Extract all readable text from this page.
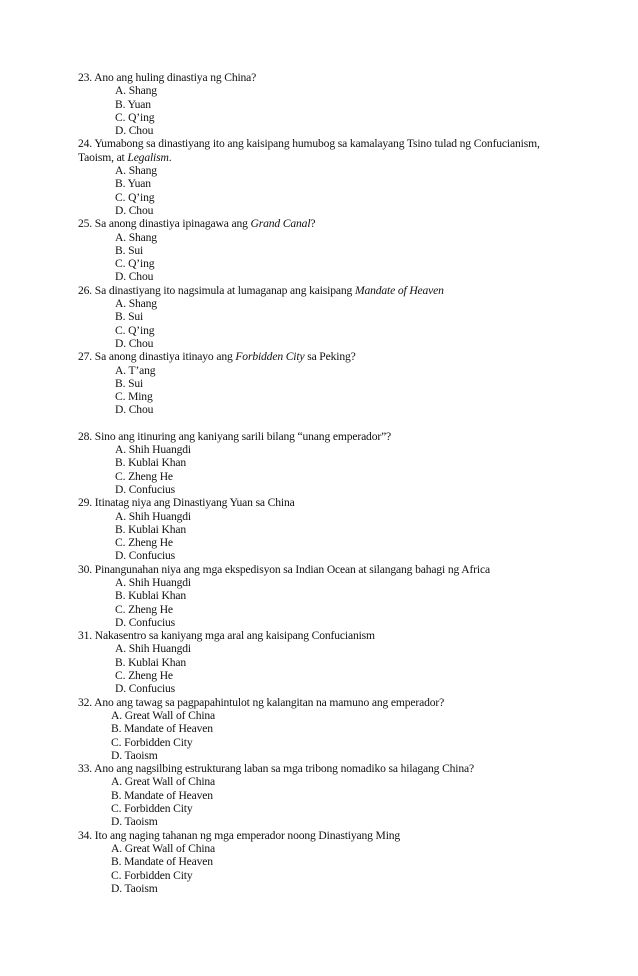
23. Ano ang huling dinastiya ng China?

A. Shang
B. Yuan
C. Q’ing
D. Chou

24. Yumabong sa dinastiyang ito ang kaisipang humubog sa kamalayang Tsino tulad ng Confucianism, Taoism, at Legalism.

A. Shang
B. Yuan
C. Q’ing
D. Chou

25. Sa anong dinastiya ipinagawa ang Grand Canal?

A. Shang
B. Sui
C. Q’ing
D. Chou

26. Sa dinastiyang ito nagsimula at lumaganap ang kaisipang Mandate of Heaven

A. Shang
B. Sui
C. Q’ing
D. Chou

27. Sa anong dinastiya itinayo ang Forbidden City sa Peking?

A. T’ang
B. Sui
C. Ming
D. Chou

28. Sino ang itinuring ang kaniyang sarili bilang “unang emperador”?

A. Shih Huangdi
B. Kublai Khan
C. Zheng He
D. Confucius

29. Itinatag niya ang Dinastiyang Yuan sa China

A. Shih Huangdi
B. Kublai Khan
C. Zheng He
D. Confucius

30. Pinangunahan niya ang mga ekspedisyon sa Indian Ocean at silangang bahagi ng Africa

A. Shih Huangdi
B. Kublai Khan
C. Zheng He
D. Confucius

31. Nakasentro sa kaniyang mga aral ang kaisipang Confucianism

A. Shih Huangdi
B. Kublai Khan
C. Zheng He
D. Confucius

32. Ano ang tawag sa pagpapahintulot ng kalangitan na mamuno ang emperador?

A. Great Wall of China
B. Mandate of Heaven
C. Forbidden City
D. Taoism

33. Ano ang nagsilbing estrukturang laban sa mga tribong nomadiko sa hilagang China?

A. Great Wall of China
B. Mandate of Heaven
C. Forbidden City
D. Taoism

34. Ito ang naging tahanan ng mga emperador noong Dinastiyang Ming

A. Great Wall of China
B. Mandate of Heaven
C. Forbidden City
D. Taoism
